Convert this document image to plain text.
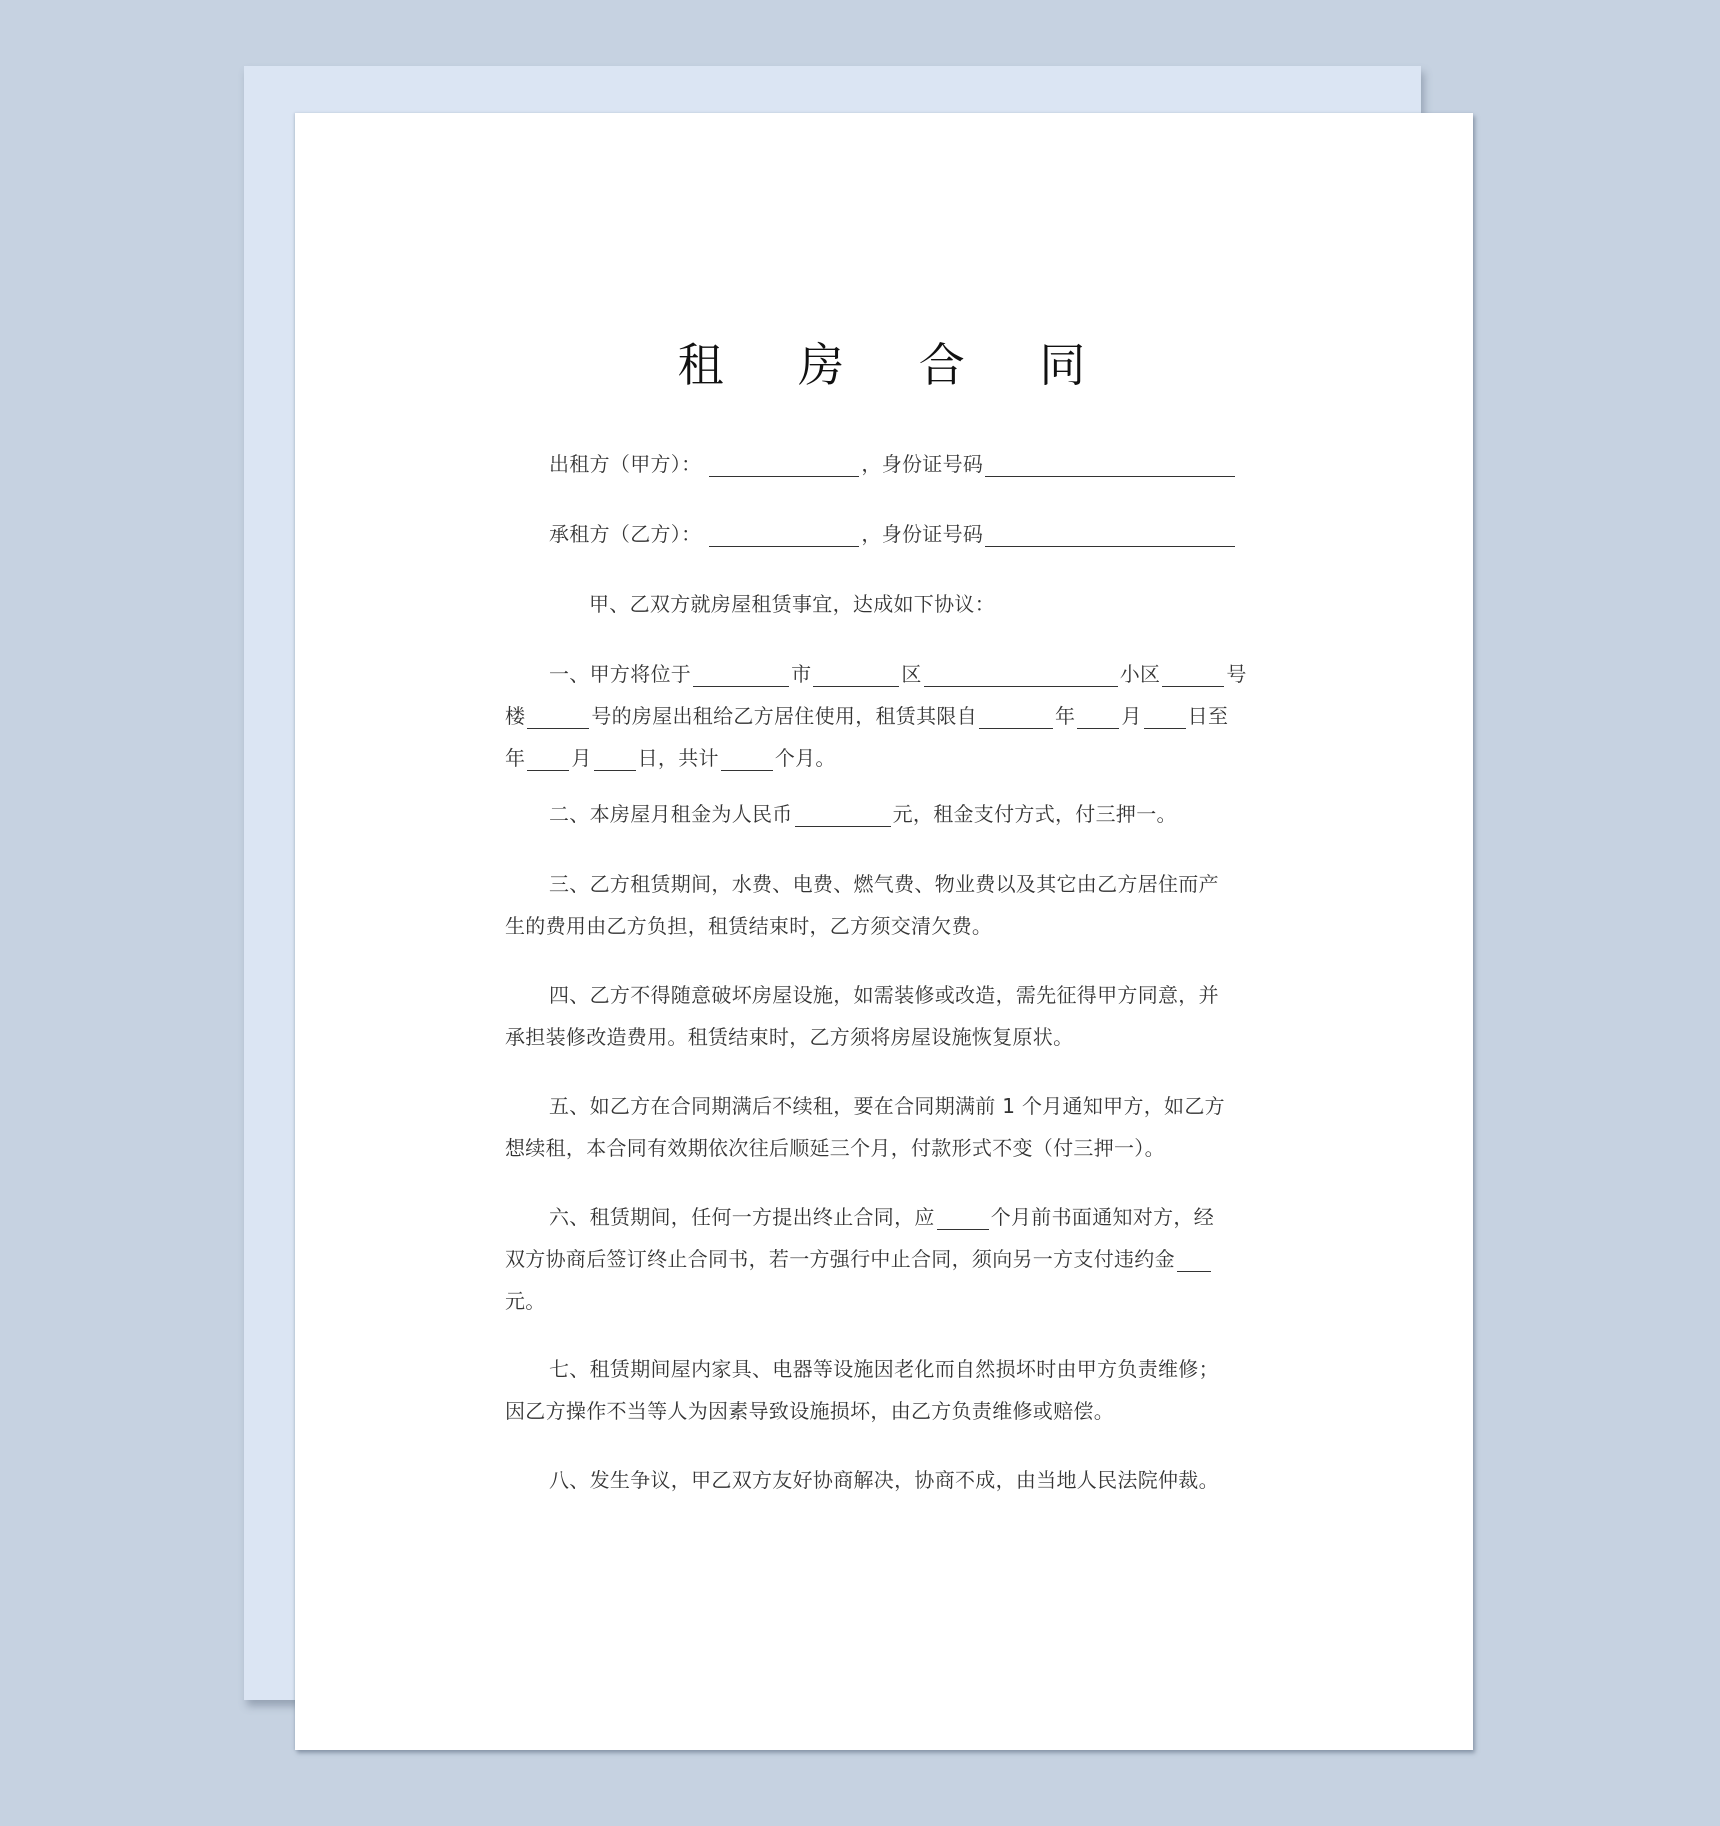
租 房 合 同
出租方（甲方）：	，身份证号码
承租方（乙方）：	，身份证号码
甲、乙双方就房屋租赁事宜，达成如下协议：
一、甲方将位于	市	区	小区	号
楼	号的房屋出租给乙方居住使用，租赁其限自	年 月 日至
年 月 日，共计	个月。
二、本房屋月租金为人民币	元，租金支付方式，付三押一。
三、乙方租赁期间，水费、电费、燃气费、物业费以及其它由乙方居住而产
生的费用由乙方负担，租赁结束时，乙方须交清欠费。
四、乙方不得随意破坏房屋设施，如需装修或改造，需先征得甲方同意，并
承担装修改造费用。租赁结束时，乙方须将房屋设施恢复原状。
五、如乙方在合同期满后不续租，要在合同期满前 1 个月通知甲方，如乙方
想续租，本合同有效期依次往后顺延三个月，付款形式不变（付三押一）。
六、租赁期间，任何一方提出终止合同，应	个月前书面通知对方，经
双方协商后签订终止合同书，若一方强行中止合同，须向另一方支付违约金
元。
七、租赁期间屋内家具、电器等设施因老化而自然损坏时由甲方负责维修；
因乙方操作不当等人为因素导致设施损坏，由乙方负责维修或赔偿。
八、发生争议，甲乙双方友好协商解决，协商不成，由当地人民法院仲裁。
